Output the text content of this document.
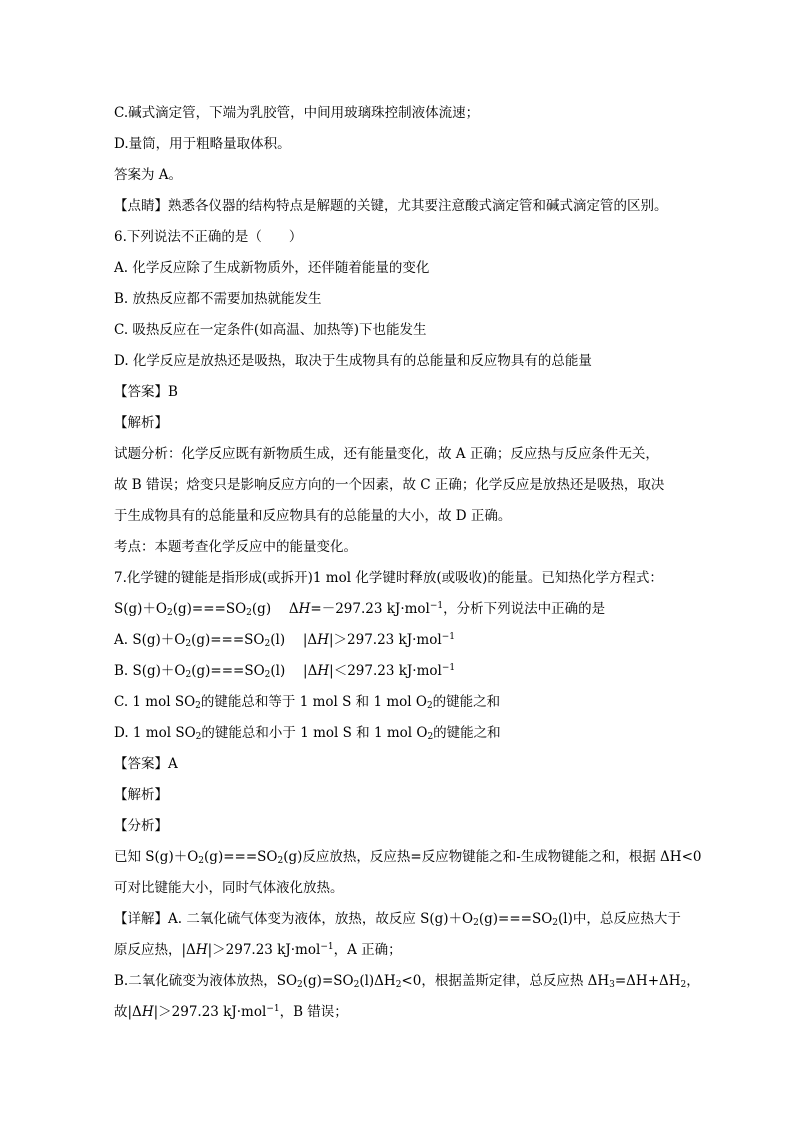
C.碱式滴定管，下端为乳胶管，中间用玻璃珠控制液体流速；
D.量筒，用于粗略量取体积。
答案为 A。
【点睛】熟悉各仪器的结构特点是解题的关键，尤其要注意酸式滴定管和碱式滴定管的区别。
6.下列说法不正确的是（　　）
A. 化学反应除了生成新物质外，还伴随着能量的变化
B. 放热反应都不需要加热就能发生
C. 吸热反应在一定条件(如高温、加热等)下也能发生
D. 化学反应是放热还是吸热，取决于生成物具有的总能量和反应物具有的总能量
【答案】B
【解析】
试题分析：化学反应既有新物质生成，还有能量变化，故 A 正确；反应热与反应条件无关，
故 B 错误；焓变只是影响反应方向的一个因素，故 C 正确；化学反应是放热还是吸热，取决
于生成物具有的总能量和反应物具有的总能量的大小，故 D 正确。
考点：本题考查化学反应中的能量变化。
7.化学键的键能是指形成(或拆开)1 mol 化学键时释放(或吸收)的能量。已知热化学方程式：
$S(g)+O_2(g)===SO_2(g)$　 ΔH=－297.23 kJ·mol$^{-1}$，分析下列说法中正确的是
A. $S(g)+O_2(g)===SO_2(l)$　 |ΔH|＞297.23 kJ·mol$^{-1}$
B. $S(g)+O_2(g)===SO_2(l)$　 |ΔH|＜297.23 kJ·mol$^{-1}$
C. 1 mol $SO_2$的键能总和等于 1 mol S 和 1 mol $O_2$的键能之和
D. 1 mol $SO_2$的键能总和小于 1 mol S 和 1 mol $O_2$的键能之和
【答案】A
【解析】
【分析】
已知 $S(g)+O_2(g)===SO_2(g)$反应放热，反应热=反应物键能之和-生成物键能之和，根据 ΔH<0
可对比键能大小，同时气体液化放热。
【详解】A. 二氧化硫气体变为液体，放热，故反应 $S(g)+O_2(g)===SO_2(l)$中，总反应热大于
原反应热，|ΔH|＞297.23 kJ·mol$^{-1}$，A 正确；
B.二氧化硫变为液体放热，$SO_2(g)=SO_2(l)\Delta H_2<0$，根据盖斯定律，总反应热 $\Delta H_3=\Delta H+\Delta H_2$，
故|ΔH|＞297.23 kJ·mol$^{-1}$，B 错误；
